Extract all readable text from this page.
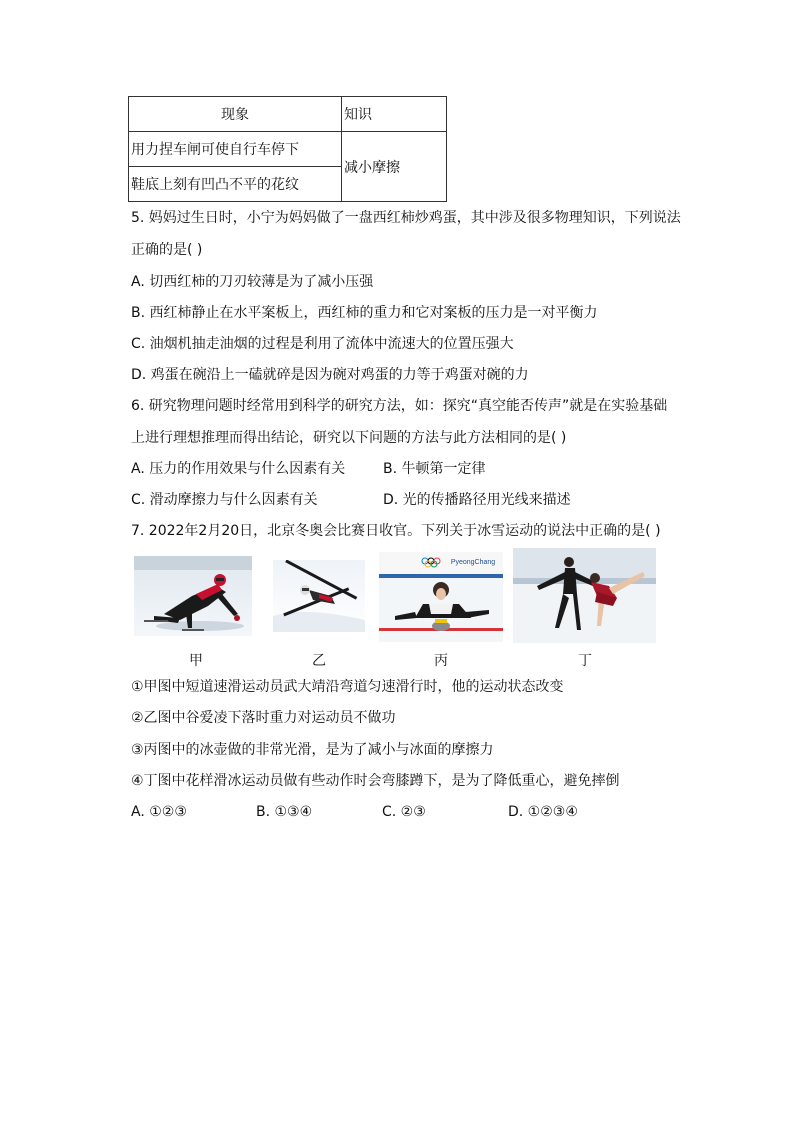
现象	知识
用力捏车闸可使自行车停下	减小摩擦
鞋底上刻有凹凸不平的花纹	
5. 妈妈过生日时，小宁为妈妈做了一盘西红柿炒鸡蛋，其中涉及很多物理知识，下列说法
正确的是( )
A. 切西红柿的刀刃较薄是为了减小压强
B. 西红柿静止在水平案板上，西红柿的重力和它对案板的压力是一对平衡力
C. 油烟机抽走油烟的过程是利用了流体中流速大的位置压强大
D. 鸡蛋在碗沿上一磕就碎是因为碗对鸡蛋的力等于鸡蛋对碗的力
6. 研究物理问题时经常用到科学的研究方法，如：探究“真空能否传声”就是在实验基础
上进行理想推理而得出结论，研究以下问题的方法与此方法相同的是( )
A. 压力的作用效果与什么因素有关	B. 牛顿第一定律
C. 滑动摩擦力与什么因素有关	D. 光的传播路径用光线来描述
7. 2022年2月20日，北京冬奥会比赛日收官。下列关于冰雪运动的说法中正确的是( )
PyeongChang
甲	乙	丙	丁
①甲图中短道速滑运动员武大靖沿弯道匀速滑行时，他的运动状态改变
②乙图中谷爱凌下落时重力对运动员不做功
③丙图中的冰壶做的非常光滑，是为了减小与冰面的摩擦力
④丁图中花样滑冰运动员做有些动作时会弯膝蹲下，是为了降低重心，避免摔倒
A. ①②③	B. ①③④	C. ②③	D. ①②③④
